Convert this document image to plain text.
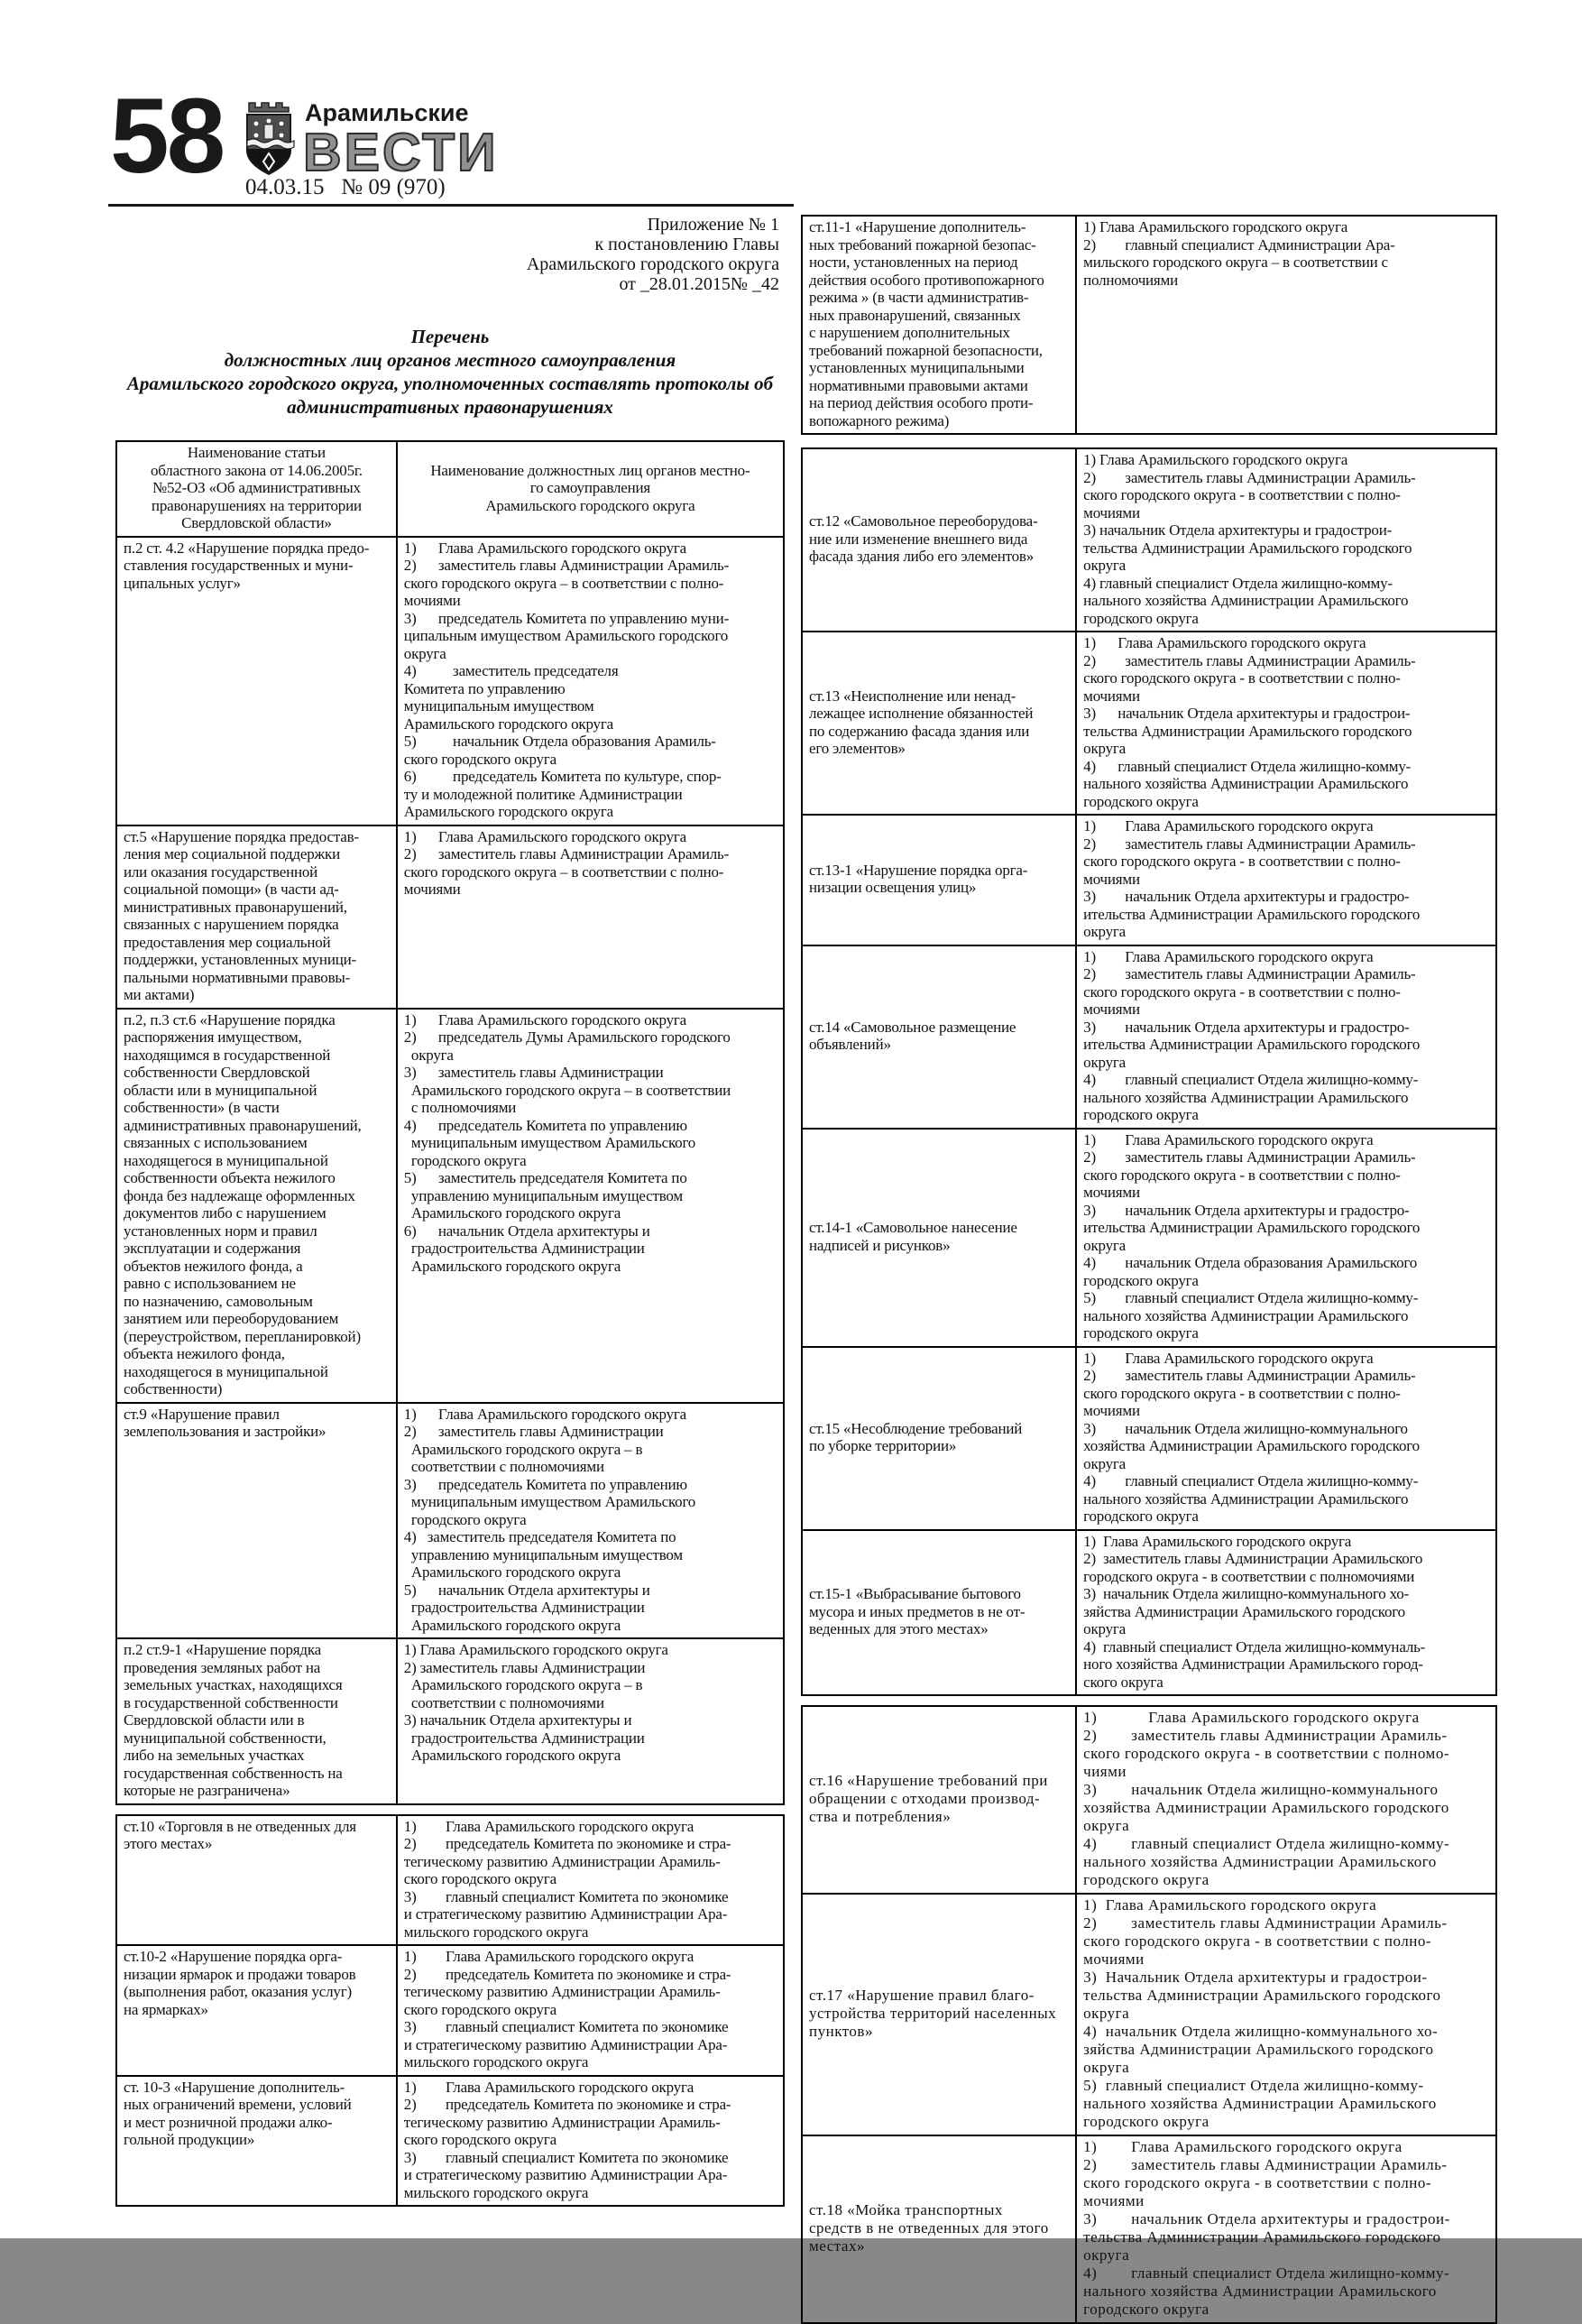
58	Арамильские
ВЕСТИ
04.03.15   № 09 (970)
Приложение № 1
к постановлению Главы
Арамильского городского округа
от _28.01.2015№ _42
Перечень
должностных лиц органов местного самоуправления
Арамильского городского округа, уполномоченных составлять протоколы об
административных правонарушениях
Наименование статьи
областного закона от 14.06.2005г.
№52-ОЗ «Об административных
правонарушениях на территории
Свердловской области»	Наименование должностных лиц органов местно-
го самоуправления
Арамильского городского округа
п.2 ст. 4.2 «Нарушение порядка предо-
ставления государственных и муни-
ципальных услуг»	1)      Глава Арамильского городского округа
2)      заместитель главы Администрации Арамиль-
ского городского округа – в соответствии с полно-
мочиями
3)      председатель Комитета по управлению муни-
ципальным имуществом Арамильского городского
округа
4)          заместитель председателя
Комитета по управлению
муниципальным имуществом
Арамильского городского округа
5)          начальник Отдела образования Арамиль-
ского городского округа
6)          председатель Комитета по культуре, спор-
ту и молодежной политике Администрации
Арамильского городского округа
ст.5 «Нарушение порядка предостав-
ления мер социальной поддержки
или оказания государственной
социальной помощи» (в части ад-
министративных правонарушений,
связанных с нарушением порядка
предоставления мер социальной
поддержки, установленных муници-
пальными нормативными правовы-
ми актами)	1)      Глава Арамильского городского округа
2)      заместитель главы Администрации Арамиль-
ского городского округа – в соответствии с полно-
мочиями
п.2, п.3 ст.6 «Нарушение порядка
распоряжения имуществом,
находящимся в государственной
собственности Свердловской
области или в муниципальной
собственности» (в части
административных правонарушений,
связанных с использованием
находящегося в муниципальной
собственности объекта нежилого
фонда без надлежаще оформленных
документов либо с нарушением
установленных норм и правил
эксплуатации и содержания
объектов нежилого фонда, а
равно с использованием не
по назначению, самовольным
занятием или переоборудованием
(переустройством, перепланировкой)
объекта нежилого фонда,
находящегося в муниципальной
собственности)	1)      Глава Арамильского городского округа
2)      председатель Думы Арамильского городского
округа
3)      заместитель главы Администрации
Арамильского городского округа – в соответствии
с полномочиями
4)      председатель Комитета по управлению
муниципальным имуществом Арамильского
городского округа
5)      заместитель председателя Комитета по
управлению муниципальным имуществом
Арамильского городского округа
6)      начальник Отдела архитектуры и
градостроительства Администрации
Арамильского городского округа
ст.9 «Нарушение правил
землепользования и застройки»	1)      Глава Арамильского городского округа
2)      заместитель главы Администрации
Арамильского городского округа – в
соответствии с полномочиями
3)      председатель Комитета по управлению
муниципальным имуществом Арамильского
городского округа
4)   заместитель председателя Комитета по
управлению муниципальным имуществом
Арамильского городского округа
5)      начальник Отдела архитектуры и
градостроительства Администрации
Арамильского городского округа
п.2 ст.9-1 «Нарушение порядка
проведения земляных работ на
земельных участках, находящихся
в государственной собственности
Свердловской области или в
муниципальной собственности,
либо на земельных участках
государственная собственность на
которые не разграничена»	1) Глава Арамильского городского округа
2) заместитель главы Администрации
Арамильского городского округа – в
соответствии с полномочиями
3) начальник Отдела архитектуры и
градостроительства Администрации
Арамильского городского округа
ст.10 «Торговля в не отведенных для
этого местах»	1)        Глава Арамильского городского округа
2)        председатель Комитета по экономике и стра-
тегическому развитию Администрации Арамиль-
ского городского округа
3)        главный специалист Комитета по экономике
и стратегическому развитию Администрации Ара-
мильского городского округа
ст.10-2 «Нарушение порядка орга-
низации ярмарок и продажи товаров
(выполнения работ, оказания услуг)
на ярмарках»	1)        Глава Арамильского городского округа
2)        председатель Комитета по экономике и стра-
тегическому развитию Администрации Арамиль-
ского городского округа
3)        главный специалист Комитета по экономике
и стратегическому развитию Администрации Ара-
мильского городского округа
ст. 10-3 «Нарушение дополнитель-
ных ограничений времени, условий
и мест розничной продажи алко-
гольной продукции»	1)        Глава Арамильского городского округа
2)        председатель Комитета по экономике и стра-
тегическому развитию Администрации Арамиль-
ского городского округа
3)        главный специалист Комитета по экономике
и стратегическому развитию Администрации Ара-
мильского городского округа
ст.11-1 «Нарушение дополнитель-
ных требований пожарной безопас-
ности, установленных на период
действия особого противопожарного
режима » (в части административ-
ных правонарушений, связанных
с нарушением дополнительных
требований пожарной безопасности,
установленных муниципальными
нормативными правовыми актами
на период действия особого проти-
вопожарного режима)	1) Глава Арамильского городского округа
2)        главный специалист Администрации Ара-
мильского городского округа – в соответствии с
полномочиями
ст.12 «Самовольное переоборудова-
ние или изменение внешнего вида
фасада здания либо его элементов»	1) Глава Арамильского городского округа
2)        заместитель главы Администрации Арамиль-
ского городского округа - в соответствии с полно-
мочиями
3) начальник Отдела архитектуры и градострои-
тельства Администрации Арамильского городского
округа
4) главный специалист Отдела жилищно-комму-
нального хозяйства Администрации Арамильского
городского округа
ст.13 «Неисполнение или ненад-
лежащее исполнение обязанностей
по содержанию фасада здания или
его элементов»	1)      Глава Арамильского городского округа
2)        заместитель главы Администрации Арамиль-
ского городского округа - в соответствии с полно-
мочиями
3)      начальник Отдела архитектуры и градострои-
тельства Администрации Арамильского городского
округа
4)      главный специалист Отдела жилищно-комму-
нального хозяйства Администрации Арамильского
городского округа
ст.13-1 «Нарушение порядка орга-
низации освещения улиц»	1)        Глава Арамильского городского округа
2)        заместитель главы Администрации Арамиль-
ского городского округа - в соответствии с полно-
мочиями
3)        начальник Отдела архитектуры и градостро-
ительства Администрации Арамильского городского
округа
ст.14 «Самовольное размещение
объявлений»	1)        Глава Арамильского городского округа
2)        заместитель главы Администрации Арамиль-
ского городского округа - в соответствии с полно-
мочиями
3)        начальник Отдела архитектуры и градостро-
ительства Администрации Арамильского городского
округа
4)        главный специалист Отдела жилищно-комму-
нального хозяйства Администрации Арамильского
городского округа
ст.14-1 «Самовольное нанесение
надписей и рисунков»	1)        Глава Арамильского городского округа
2)        заместитель главы Администрации Арамиль-
ского городского округа - в соответствии с полно-
мочиями
3)        начальник Отдела архитектуры и градостро-
ительства Администрации Арамильского городского
округа
4)        начальник Отдела образования Арамильского
городского округа
5)        главный специалист Отдела жилищно-комму-
нального хозяйства Администрации Арамильского
городского округа
ст.15 «Несоблюдение требований
по уборке территории»	1)        Глава Арамильского городского округа
2)        заместитель главы Администрации Арамиль-
ского городского округа - в соответствии с полно-
мочиями
3)        начальник Отдела жилищно-коммунального
хозяйства Администрации Арамильского городского
округа
4)        главный специалист Отдела жилищно-комму-
нального хозяйства Администрации Арамильского
городского округа
ст.15-1 «Выбрасывание бытового
мусора и иных предметов в не от-
веденных для этого местах»	1)  Глава Арамильского городского округа
2)  заместитель главы Администрации Арамильского
городского округа - в соответствии с полномочиями
3)  начальник Отдела жилищно-коммунального хо-
зяйства Администрации Арамильского городского
округа
4)  главный специалист Отдела жилищно-коммуналь-
ного хозяйства Администрации Арамильского город-
ского округа
ст.16 «Нарушение требований при
обращении с отходами производ-
ства и потребления»	1)            Глава Арамильского городского округа
2)        заместитель главы Администрации Арамиль-
ского городского округа - в соответствии с полномо-
чиями
3)        начальник Отдела жилищно-коммунального
хозяйства Администрации Арамильского городского
округа
4)        главный специалист Отдела жилищно-комму-
нального хозяйства Администрации Арамильского
городского округа
ст.17 «Нарушение правил благо-
устройства территорий населенных
пунктов»	1)  Глава Арамильского городского округа
2)        заместитель главы Администрации Арамиль-
ского городского округа - в соответствии с полно-
мочиями
3)  Начальник Отдела архитектуры и градострои-
тельства Администрации Арамильского городского
округа
4)  начальник Отдела жилищно-коммунального хо-
зяйства Администрации Арамильского городского
округа
5)  главный специалист Отдела жилищно-комму-
нального хозяйства Администрации Арамильского
городского округа
ст.18 «Мойка транспортных
средств в не отведенных для этого
местах»	1)        Глава Арамильского городского округа
2)        заместитель главы Администрации Арамиль-
ского городского округа - в соответствии с полно-
мочиями
3)        начальник Отдела архитектуры и градострои-
тельства Администрации Арамильского городского
округа
4)        главный специалист Отдела жилищно-комму-
нального хозяйства Администрации Арамильского
городского округа
